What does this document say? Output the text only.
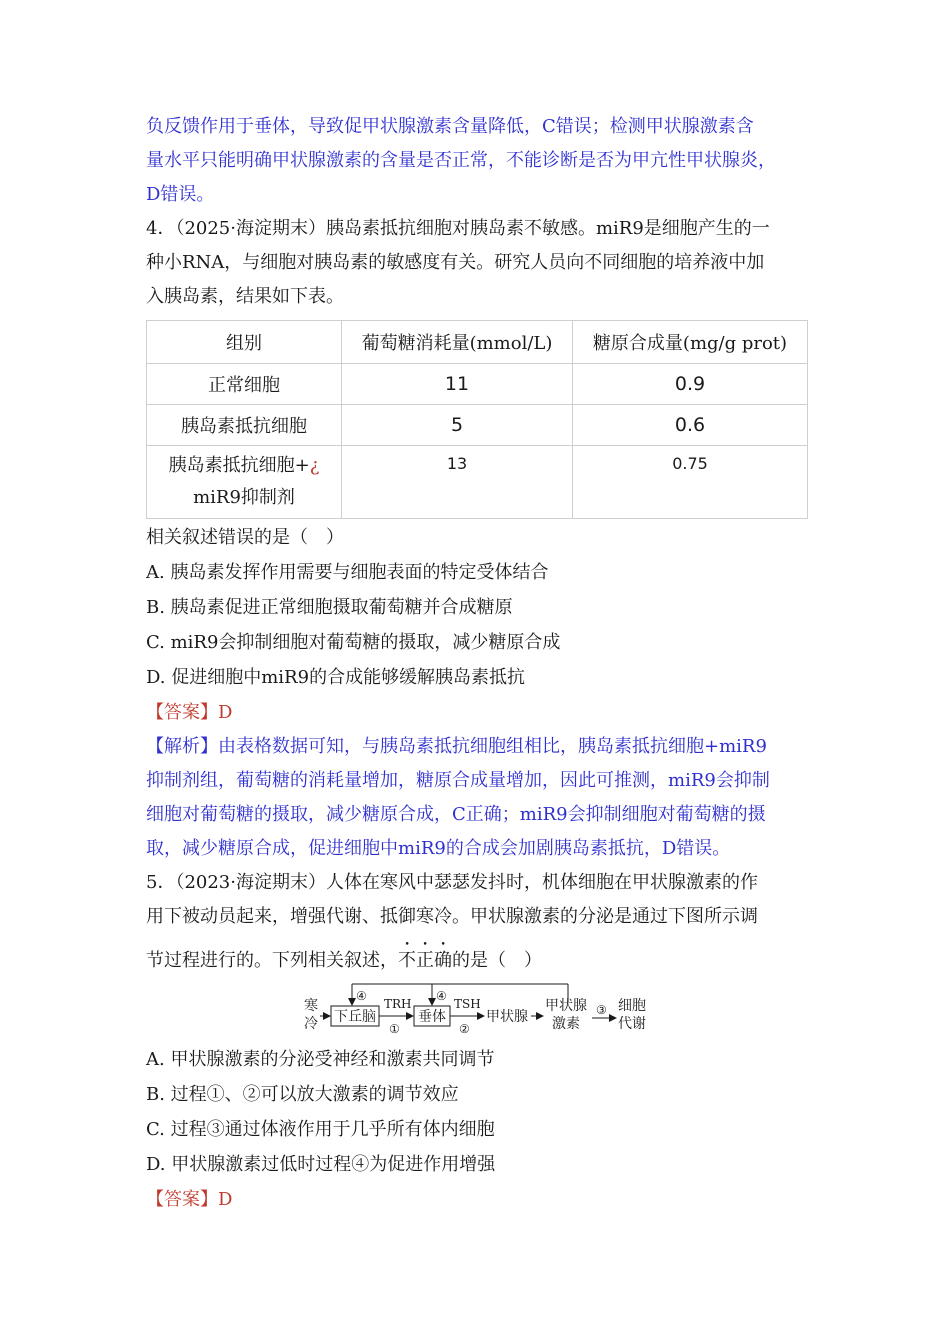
负反馈作用于垂体，导致促甲状腺激素含量降低，C错误；检测甲状腺激素含

量水平只能明确甲状腺激素的含量是否正常，不能诊断是否为甲亢性甲状腺炎，

D错误。

4．（2025·海淀期末）胰岛素抵抗细胞对胰岛素不敏感。miR9是细胞产生的一

种小RNA，与细胞对胰岛素的敏感度有关。研究人员向不同细胞的培养液中加

入胰岛素，结果如下表。

组别	葡萄糖消耗量(mmol/L)	糖原合成量(mg/g prot)
正常细胞	11	0.9
胰岛素抵抗细胞	5	0.6
胰岛素抵抗细胞+¿
miR9抑制剂	13	0.75

相关叙述错误的是（　）

A. 胰岛素发挥作用需要与细胞表面的特定受体结合

B. 胰岛素促进正常细胞摄取葡萄糖并合成糖原

C. miR9会抑制细胞对葡萄糖的摄取，减少糖原合成

D. 促进细胞中miR9的合成能够缓解胰岛素抵抗

【答案】D

【解析】由表格数据可知，与胰岛素抵抗细胞组相比，胰岛素抵抗细胞+miR9

抑制剂组，葡萄糖的消耗量增加，糖原合成量增加，因此可推测，miR9会抑制

细胞对葡萄糖的摄取，减少糖原合成，C正确；miR9会抑制细胞对葡萄糖的摄

取，减少糖原合成，促进细胞中miR9的合成会加剧胰岛素抵抗，D错误。

5．（2023·海淀期末）人体在寒风中瑟瑟发抖时，机体细胞在甲状腺激素的作

用下被动员起来，增强代谢、抵御寒冷。甲状腺激素的分泌是通过下图所示调

节过程进行的。下列相关叙述，不正确的是（　）

寒
冷 下丘脑
TRH
①
垂体
TSH
②
甲状腺
甲状腺
激素
③ 细胞
代谢
④	④

A. 甲状腺激素的分泌受神经和激素共同调节

B. 过程①、②可以放大激素的调节效应

C. 过程③通过体液作用于几乎所有体内细胞

D. 甲状腺激素过低时过程④为促进作用增强

【答案】D
